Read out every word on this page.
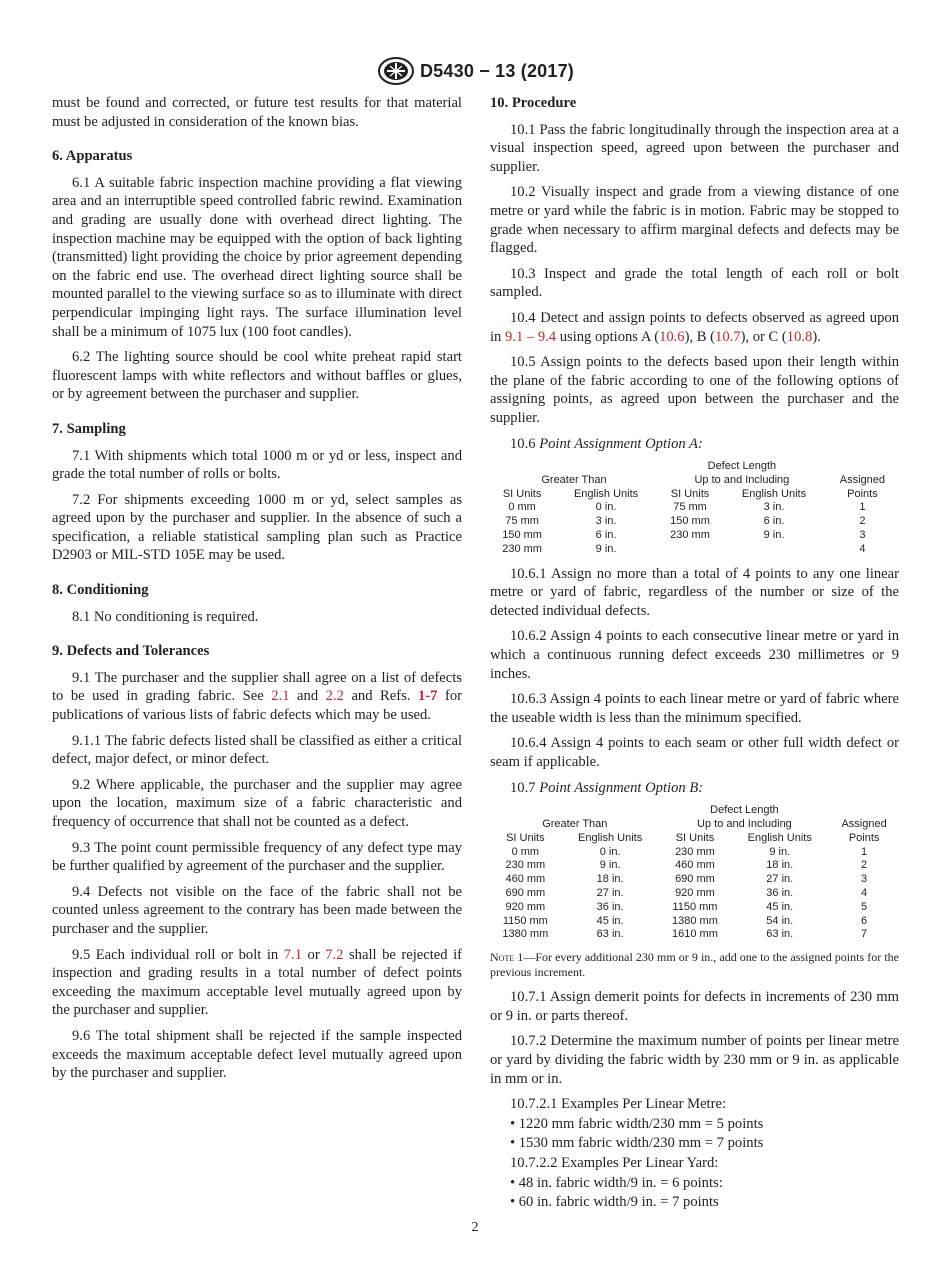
D5430 − 13 (2017)

must be found and corrected, or future test results for that material must be adjusted in consideration of the known bias.

6. Apparatus

6.1 A suitable fabric inspection machine providing a flat viewing area and an interruptible speed controlled fabric rewind. Examination and grading are usually done with overhead direct lighting. The inspection machine may be equipped with the option of back lighting (transmitted) light providing the choice by prior agreement depending on the fabric end use. The overhead direct lighting source shall be mounted parallel to the viewing surface so as to illuminate with direct perpendicular impinging light rays. The surface illumination level shall be a minimum of 1075 lux (100 foot candles).

6.2 The lighting source should be cool white preheat rapid start fluorescent lamps with white reflectors and without baffles or glues, or by agreement between the purchaser and supplier.

7. Sampling

7.1 With shipments which total 1000 m or yd or less, inspect and grade the total number of rolls or bolts.

7.2 For shipments exceeding 1000 m or yd, select samples as agreed upon by the purchaser and supplier. In the absence of such a specification, a reliable statistical sampling plan such as Practice D2903 or MIL-STD 105E may be used.

8. Conditioning

8.1 No conditioning is required.

9. Defects and Tolerances

9.1 The purchaser and the supplier shall agree on a list of defects to be used in grading fabric. See 2.1 and 2.2 and Refs. 1-7 for publications of various lists of fabric defects which may be used.

9.1.1 The fabric defects listed shall be classified as either a critical defect, major defect, or minor defect.

9.2 Where applicable, the purchaser and the supplier may agree upon the location, maximum size of a fabric characteristic and frequency of occurrence that shall not be counted as a defect.

9.3 The point count permissible frequency of any defect type may be further qualified by agreement of the purchaser and the supplier.

9.4 Defects not visible on the face of the fabric shall not be counted unless agreement to the contrary has been made between the purchaser and the supplier.

9.5 Each individual roll or bolt in 7.1 or 7.2 shall be rejected if inspection and grading results in a total number of defect points exceeding the maximum acceptable level mutually agreed upon by the purchaser and supplier.

9.6 The total shipment shall be rejected if the sample inspected exceeds the maximum acceptable defect level mutually agreed upon by the purchaser and supplier.

10. Procedure

10.1 Pass the fabric longitudinally through the inspection area at a visual inspection speed, agreed upon between the purchaser and supplier.

10.2 Visually inspect and grade from a viewing distance of one metre or yard while the fabric is in motion. Fabric may be stopped to grade when necessary to affirm marginal defects and defects may be flagged.

10.3 Inspect and grade the total length of each roll or bolt sampled.

10.4 Detect and assign points to defects observed as agreed upon in 9.1 – 9.4 using options A (10.6), B (10.7), or C (10.8).

10.5 Assign points to the defects based upon their length within the plane of the fabric according to one of the following options of assigning points, as agreed upon between the purchaser and the supplier.

10.6 Point Assignment Option A:

		Defect Length		
Greater Than		Up to and Including		Assigned
SI Units	English Units	SI Units	English Units	Points
0 mm	0 in.	75 mm	3 in.	1
75 mm	3 in.	150 mm	6 in.	2
150 mm	6 in.	230 mm	9 in.	3
230 mm	9 in.			4

10.6.1 Assign no more than a total of 4 points to any one linear metre or yard of fabric, regardless of the number or size of the detected individual defects.

10.6.2 Assign 4 points to each consecutive linear metre or yard in which a continuous running defect exceeds 230 millimetres or 9 inches.

10.6.3 Assign 4 points to each linear metre or yard of fabric where the useable width is less than the minimum specified.

10.6.4 Assign 4 points to each seam or other full width defect or seam if applicable.

10.7 Point Assignment Option B:

		Defect Length		
Greater Than		Up to and Including		Assigned
SI Units	English Units	SI Units	English Units	Points
0 mm	0 in.	230 mm	9 in.	1
230 mm	9 in.	460 mm	18 in.	2
460 mm	18 in.	690 mm	27 in.	3
690 mm	27 in.	920 mm	36 in.	4
920 mm	36 in.	1150 mm	45 in.	5
1150 mm	45 in.	1380 mm	54 in.	6
1380 mm	63 in.	1610 mm	63 in.	7
Note 1—For every additional 230 mm or 9 in., add one to the assigned points for the previous increment.

10.7.1 Assign demerit points for defects in increments of 230 mm or 9 in. or parts thereof.

10.7.2 Determine the maximum number of points per linear metre or yard by dividing the fabric width by 230 mm or 9 in. as applicable in mm or in.

10.7.2.1 Examples Per Linear Metre:

• 1220 mm fabric width/230 mm = 5 points
• 1530 mm fabric width/230 mm = 7 points

10.7.2.2 Examples Per Linear Yard:

• 48 in. fabric width/9 in. = 6 points:
• 60 in. fabric width/9 in. = 7 points
2
